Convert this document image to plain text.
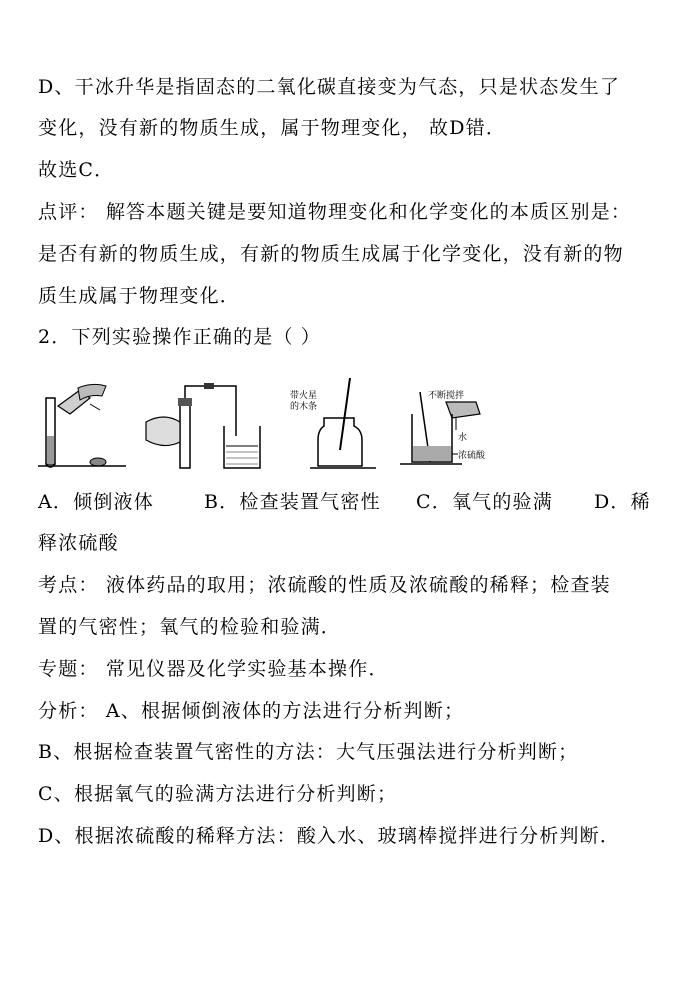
D、干冰升华是指固态的二氧化碳直接变为气态，只是状态发生了
变化，没有新的物质生成，属于物理变化， 故D错．
故选C．
点评： 解答本题关键是要知道物理变化和化学变化的本质区别是：
是否有新的物质生成，有新的物质生成属于化学变化，没有新的物
质生成属于物理变化．
2．下列实验操作正确的是（ ）
带火星
的木条
不断搅拌
水
浓硫酸
A．倾倒液体	B．检查装置气密性 C．氧气的验满 D．稀
释浓硫酸
考点： 液体药品的取用；浓硫酸的性质及浓硫酸的稀释；检查装
置的气密性；氧气的检验和验满．
专题： 常见仪器及化学实验基本操作．
分析： A、根据倾倒液体的方法进行分析判断；
B、根据检查装置气密性的方法：大气压强法进行分析判断；
C、根据氧气的验满方法进行分析判断；
D、根据浓硫酸的稀释方法：酸入水、玻璃棒搅拌进行分析判断．
